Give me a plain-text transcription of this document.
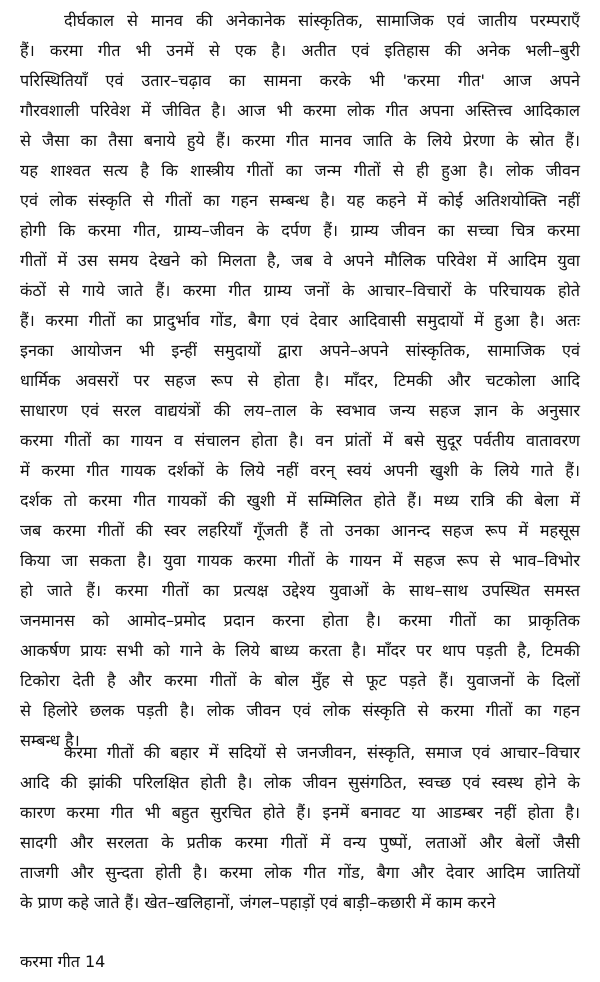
दीर्घकाल से मानव की अनेकानेक सांस्कृतिक, सामाजिक एवं जातीय परम्पराएँ
हैं। करमा गीत भी उनमें से एक है। अतीत एवं इतिहास की अनेक भली–बुरी
परिस्थितियाँ एवं उतार–चढ़ाव का सामना करके भी 'करमा गीत' आज अपने
गौरवशाली परिवेश में जीवित है। आज भी करमा लोक गीत अपना अस्तित्त्व आदिकाल
से जैसा का तैसा बनाये हुये हैं। करमा गीत मानव जाति के लिये प्रेरणा के स्रोत हैं।
यह शाश्वत सत्य है कि शास्त्रीय गीतों का जन्म गीतों से ही हुआ है। लोक जीवन
एवं लोक संस्कृति से गीतों का गहन सम्बन्ध है। यह कहने में कोई अतिशयोक्ति नहीं
होगी कि करमा गीत, ग्राम्य–जीवन के दर्पण हैं। ग्राम्य जीवन का सच्चा चित्र करमा
गीतों में उस समय देखने को मिलता है, जब वे अपने मौलिक परिवेश में आदिम युवा
कंठों से गाये जाते हैं। करमा गीत ग्राम्य जनों के आचार–विचारों के परिचायक होते
हैं। करमा गीतों का प्रादुर्भाव गोंड, बैगा एवं देवार आदिवासी समुदायों में हुआ है। अतः
इनका आयोजन भी इन्हीं समुदायों द्वारा अपने–अपने सांस्कृतिक, सामाजिक एवं
धार्मिक अवसरों पर सहज रूप से होता है। माँदर, टिमकी और चटकोला आदि
साधारण एवं सरल वाद्ययंत्रों की लय–ताल के स्वभाव जन्य सहज ज्ञान के अनुसार
करमा गीतों का गायन व संचालन होता है। वन प्रांतों में बसे सुदूर पर्वतीय वातावरण
में करमा गीत गायक दर्शकों के लिये नहीं वरन् स्वयं अपनी खुशी के लिये गाते हैं।
दर्शक तो करमा गीत गायकों की खुशी में सम्मिलित होते हैं। मध्य रात्रि की बेला में
जब करमा गीतों की स्वर लहरियाँ गूँजती हैं तो उनका आनन्द सहज रूप में महसूस
किया जा सकता है। युवा गायक करमा गीतों के गायन में सहज रूप से भाव–विभोर
हो जाते हैं। करमा गीतों का प्रत्यक्ष उद्देश्य युवाओं के साथ–साथ उपस्थित समस्त
जनमानस को आमोद–प्रमोद प्रदान करना होता है। करमा गीतों का प्राकृतिक
आकर्षण प्रायः सभी को गाने के लिये बाध्य करता है। माँदर पर थाप पड़ती है, टिमकी
टिकोरा देती है और करमा गीतों के बोल मुँह से फूट पड़ते हैं। युवाजनों के दिलों
से हिलोरे छलक पड़ती है। लोक जीवन एवं लोक संस्कृति से करमा गीतों का गहन
सम्बन्ध है।
करमा गीतों की बहार में सदियों से जनजीवन, संस्कृति, समाज एवं आचार–विचार
आदि की झांकी परिलक्षित होती है। लोक जीवन सुसंगठित, स्वच्छ एवं स्वस्थ होने के
कारण करमा गीत भी बहुत सुरचित होते हैं। इनमें बनावट या आडम्बर नहीं होता है।
सादगी और सरलता के प्रतीक करमा गीतों में वन्य पुष्पों, लताओं और बेलों जैसी
ताजगी और सुन्दता होती है। करमा लोक गीत गोंड, बैगा और देवार आदिम जातियों
के प्राण कहे जाते हैं। खेत–खलिहानों, जंगल–पहाड़ों एवं बाड़ी–कछारी में काम करने
करमा गीत 14
